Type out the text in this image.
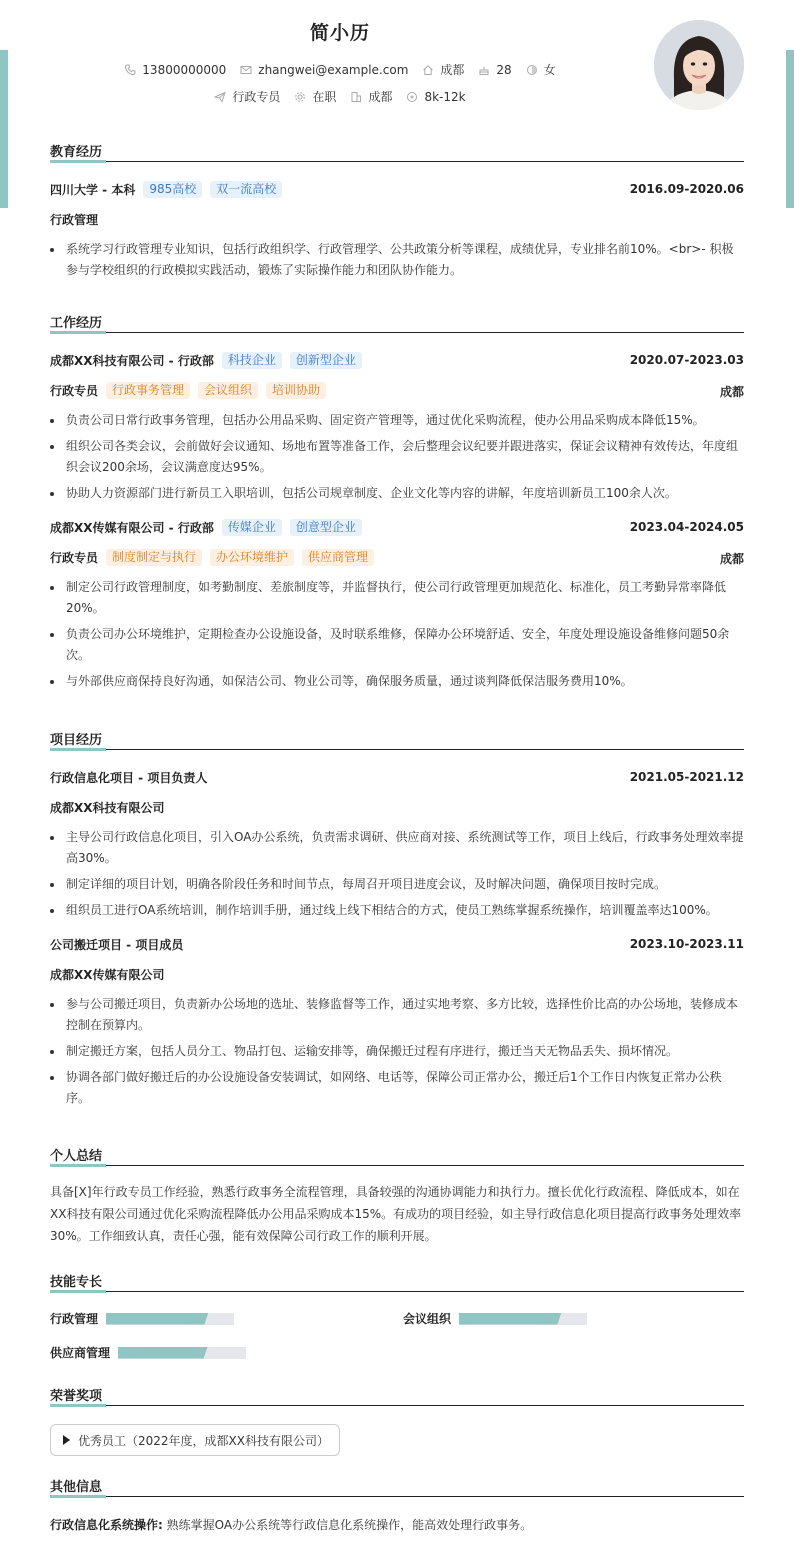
简小历
13800000000	zhangwei@example.com	成都	28	女
行政专员	在职	成都	8k-12k
教育经历
四川大学 - 本科	985高校	双一流高校	2016.09-2020.06
行政管理
系统学习行政管理专业知识，包括行政组织学、行政管理学、公共政策分析等课程，成绩优异，专业排名前10%。<br>- 积极参与学校组织的行政模拟实践活动，锻炼了实际操作能力和团队协作能力。
工作经历
成都XX科技有限公司 - 行政部	科技企业	创新型企业	2020.07-2023.03
行政专员	行政事务管理	会议组织	培训协助	成都
负责公司日常行政事务管理，包括办公用品采购、固定资产管理等，通过优化采购流程，使办公用品采购成本降低15%。
组织公司各类会议，会前做好会议通知、场地布置等准备工作，会后整理会议纪要并跟进落实，保证会议精神有效传达，年度组织会议200余场，会议满意度达95%。
协助人力资源部门进行新员工入职培训，包括公司规章制度、企业文化等内容的讲解，年度培训新员工100余人次。
成都XX传媒有限公司 - 行政部	传媒企业	创意型企业	2023.04-2024.05
行政专员	制度制定与执行	办公环境维护	供应商管理	成都
制定公司行政管理制度，如考勤制度、差旅制度等，并监督执行，使公司行政管理更加规范化、标准化，员工考勤异常率降低20%。
负责公司办公环境维护，定期检查办公设施设备，及时联系维修，保障办公环境舒适、安全，年度处理设施设备维修问题50余次。
与外部供应商保持良好沟通，如保洁公司、物业公司等，确保服务质量，通过谈判降低保洁服务费用10%。
项目经历
行政信息化项目 - 项目负责人	2021.05-2021.12
成都XX科技有限公司
主导公司行政信息化项目，引入OA办公系统，负责需求调研、供应商对接、系统测试等工作，项目上线后，行政事务处理效率提高30%。
制定详细的项目计划，明确各阶段任务和时间节点，每周召开项目进度会议，及时解决问题，确保项目按时完成。
组织员工进行OA系统培训，制作培训手册，通过线上线下相结合的方式，使员工熟练掌握系统操作，培训覆盖率达100%。
公司搬迁项目 - 项目成员	2023.10-2023.11
成都XX传媒有限公司
参与公司搬迁项目，负责新办公场地的选址、装修监督等工作，通过实地考察、多方比较，选择性价比高的办公场地，装修成本控制在预算内。
制定搬迁方案，包括人员分工、物品打包、运输安排等，确保搬迁过程有序进行，搬迁当天无物品丢失、损坏情况。
协调各部门做好搬迁后的办公设施设备安装调试，如网络、电话等，保障公司正常办公，搬迁后1个工作日内恢复正常办公秩序。
个人总结

具备[X]年行政专员工作经验，熟悉行政事务全流程管理，具备较强的沟通协调能力和执行力。擅长优化行政流程、降低成本，如在XX科技有限公司通过优化采购流程降低办公用品采购成本15%。有成功的项目经验，如主导行政信息化项目提高行政事务处理效率30%。工作细致认真，责任心强，能有效保障公司行政工作的顺利开展。

技能专长
行政管理	会议组织
供应商管理
荣誉奖项
优秀员工（2022年度，成都XX科技有限公司）
其他信息
行政信息化系统操作: 熟练掌握OA办公系统等行政信息化系统操作，能高效处理行政事务。
